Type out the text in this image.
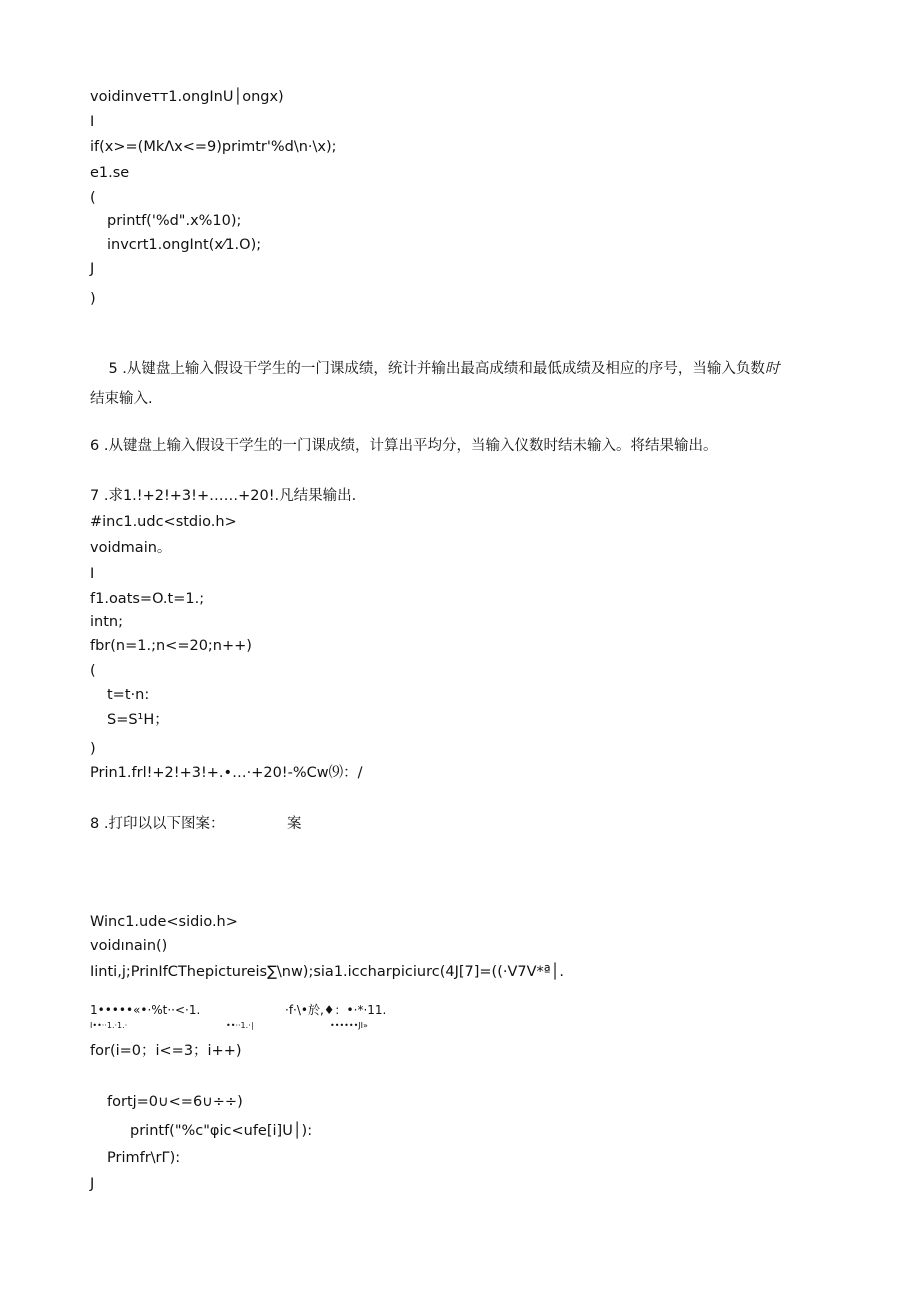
voidinveтт1.ongInU│ongx)
I
if(x>=(MkΛx<=9)primtr'%d\n·\x);
e1.se
(
printf('%d".x%10);
invcrt1.ongInt(x⁄1.O);
J
)

5 .从键盘上输入假设干学生的一门课成绩，统计并输出最高成绩和最低成绩及相应的序号，当输入负数时

结束输入.
6 .从键盘上输入假设干学生的一门课成绩，计算出平均分，当输入仪数时结未输入。将结果输出。
7 .求1.!+2!+3!+……+20!.凡结果输出.
#inc1.udc<stdio.h>
voidmain。
I
f1.oats=O.t=1.;
intn;
fbr(n=1.;n<=20;n++)
(
t=t·n:
S=S¹H；
)
Prin1.frl!+2!+3!+.•…·+20!-%Cw⑼：∕
8 .打印以以下图案：	案
Winc1.ude<sidio.h>
voidınain()
Iinti,j;PrinIfCThepictureis∑\nw);sia1.iccharpiciurc(4J[7]=((·V7V*ª│.
1•••••«•·%t··<·1.	·f·\•於,♦：•·*·11.
I••··1.·1.·	••··1.·∣	••••••JI»
for(i=0；i<=3；i++)
fortj=0∪<=6∪÷÷)
printf("%c"φic<ufe[i]U│):
Primfr\rΓ):
J
